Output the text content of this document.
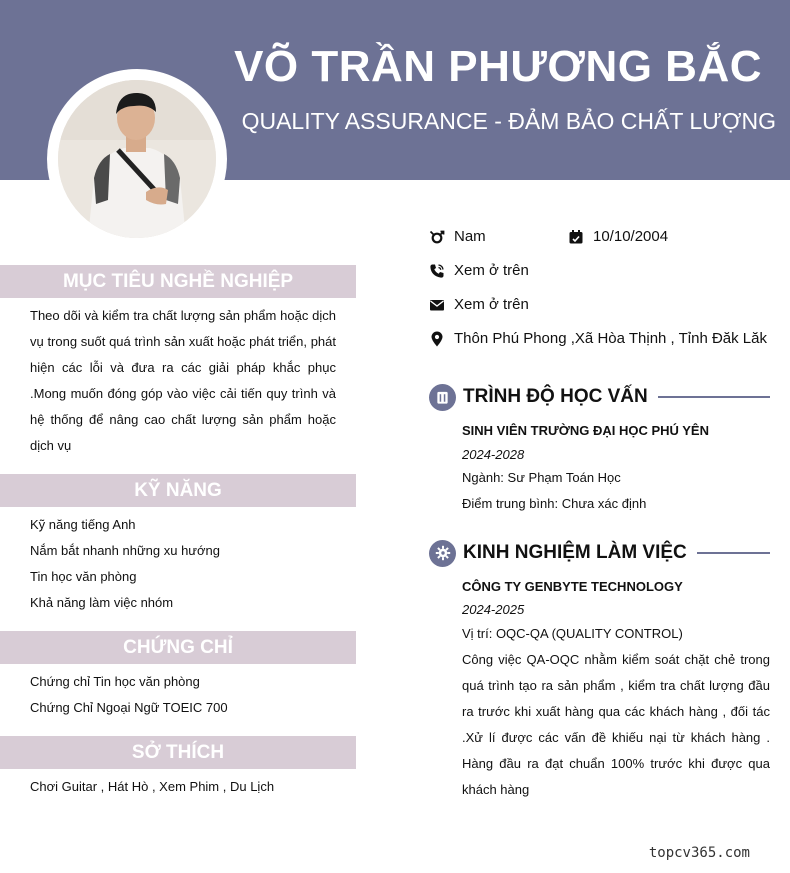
VÕ TRẦN PHƯƠNG BẮC
QUALITY ASSURANCE - ĐẢM BẢO CHẤT LƯỢNG
MỤC TIÊU NGHỀ NGHIỆP
Theo dõi và kiểm tra chất lượng sản phẩm hoặc dịch vụ trong suốt quá trình sản xuất hoặc phát triển, phát hiện các lỗi và đưa ra các giải pháp khắc phục .Mong muốn đóng góp vào việc cải tiến quy trình và hệ thống để nâng cao chất lượng sản phẩm hoặc dịch vụ
KỸ NĂNG
Kỹ năng tiếng Anh
Nắm bắt nhanh những xu hướng
Tin học văn phòng
Khả năng làm việc nhóm
CHỨNG CHỈ
Chứng chỉ Tin học văn phòng
Chứng Chỉ Ngoại Ngữ TOEIC 700
SỞ THÍCH
Chơi Guitar , Hát Hò , Xem Phim , Du Lịch
Nam	10/10/2004
Xem ở trên
Xem ở trên
Thôn Phú Phong ,Xã Hòa Thịnh , Tỉnh Đăk Lăk
TRÌNH ĐỘ HỌC VẤN
SINH VIÊN TRƯỜNG ĐẠI HỌC PHÚ YÊN
2024-2028
Ngành: Sư Phạm Toán Học
Điểm trung bình: Chưa xác định
KINH NGHIỆM LÀM VIỆC
CÔNG TY GENBYTE TECHNOLOGY
2024-2025
Vị trí: OQC-QA (QUALITY CONTROL)
Công việc QA-OQC nhằm kiểm soát chặt chẻ trong quá trình tạo ra sản phẩm , kiểm tra chất lượng đầu ra trước khi xuất hàng qua các khách hàng , đối tác .Xử lí được các vấn đề khiếu nại từ khách hàng . Hàng đầu ra đạt chuẩn 100% trước khi được qua khách hàng
topcv365.com
